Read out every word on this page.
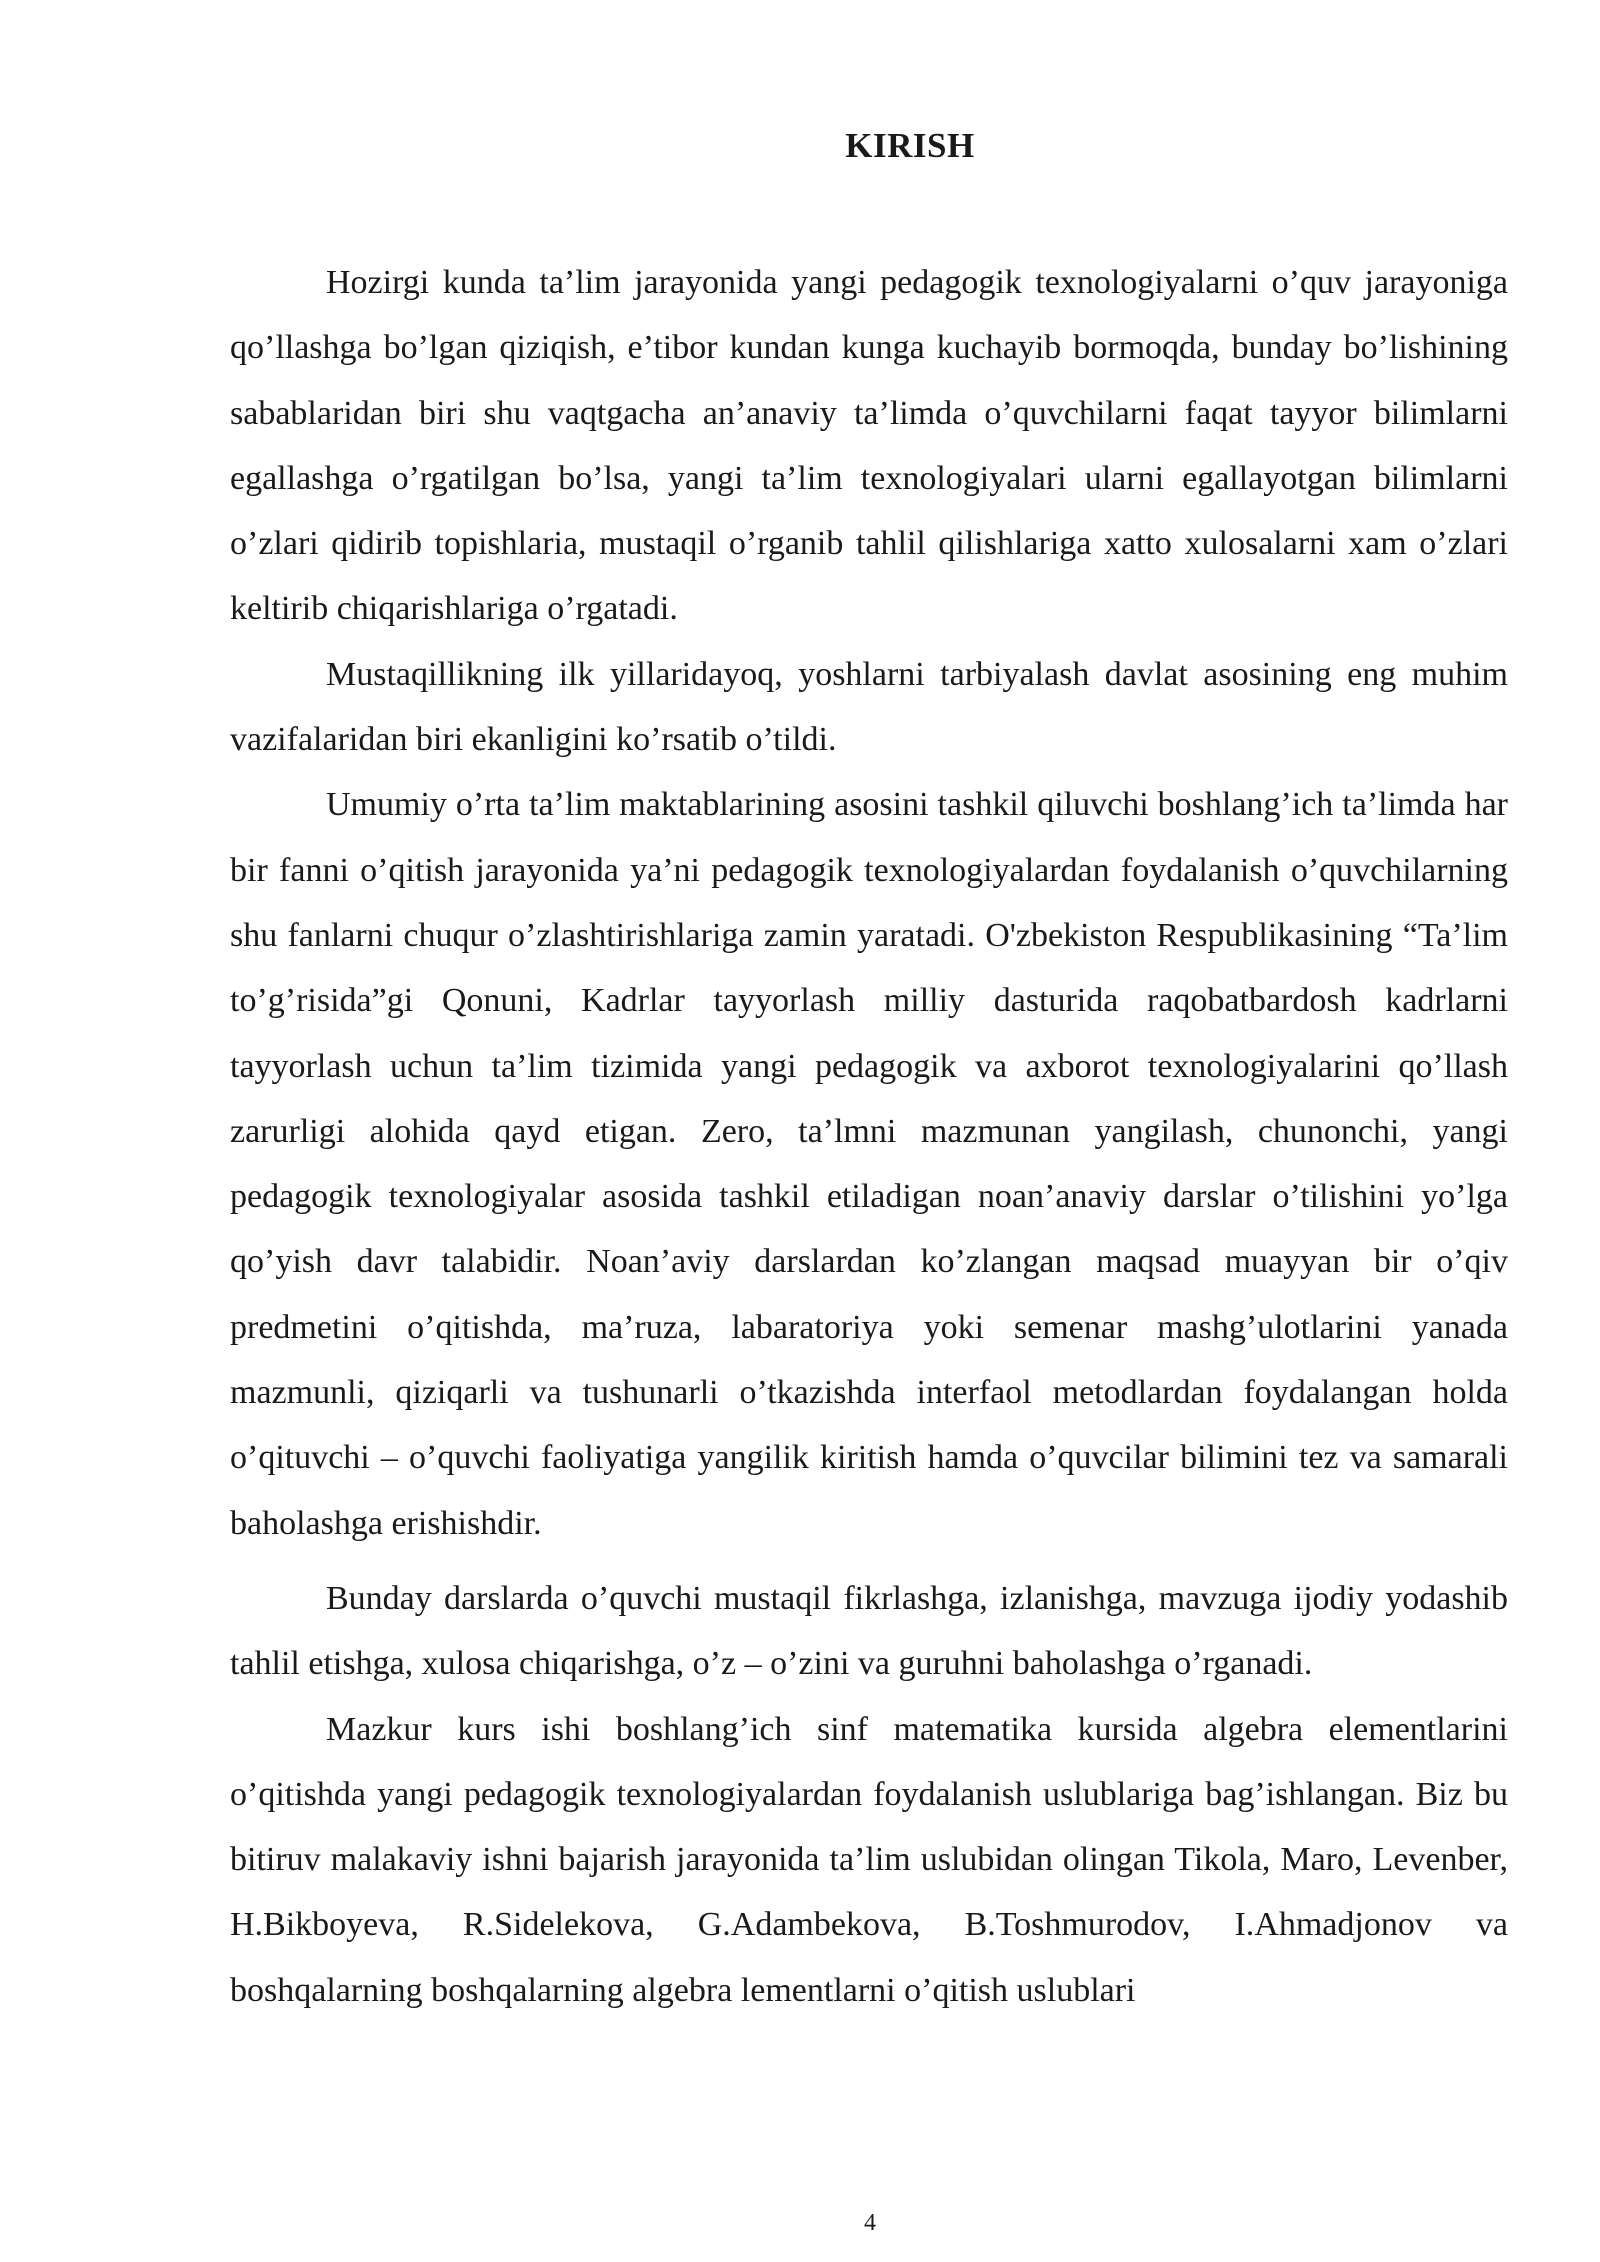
KIRISH

Hozirgi kunda ta’lim jarayonida yangi pedagogik texnologiyalarni o’quv jarayoniga qo’llashga bo’lgan qiziqish, e’tibor kundan kunga kuchayib bormoqda, bunday bo’lishining sabablaridan biri shu vaqtgacha an’anaviy ta’limda o’quvchilarni faqat tayyor bilimlarni egallashga o’rgatilgan bo’lsa, yangi ta’lim texnologiyalari ularni egallayotgan bilimlarni o’zlari qidirib topishlaria, mustaqil o’rganib tahlil qilishlariga xatto xulosalarni xam o’zlari keltirib chiqarishlariga o’rgatadi.

Mustaqillikning ilk yillaridayoq, yoshlarni tarbiyalash davlat asosining eng muhim vazifalaridan biri ekanligini ko’rsatib o’tildi.

Umumiy o’rta ta’lim maktablarining asosini tashkil qiluvchi boshlang’ich ta’limda har bir fanni o’qitish jarayonida ya’ni pedagogik texnologiyalardan foydalanish o’quvchilarning shu fanlarni chuqur o’zlashtirishlariga zamin yaratadi. O'zbekiston Respublikasining “Ta’lim to’g’risida”gi Qonuni, Kadrlar tayyorlash milliy dasturida raqobatbardosh kadrlarni tayyorlash uchun ta’lim tizimida yangi pedagogik va axborot texnologiyalarini qo’llash zarurligi alohida qayd etigan. Zero, ta’lmni mazmunan yangilash, chunonchi, yangi pedagogik texnologiyalar asosida tashkil etiladigan noan’anaviy darslar o’tilishini yo’lga qo’yish davr talabidir. Noan’aviy darslardan ko’zlangan maqsad muayyan bir o’qiv predmetini o’qitishda, ma’ruza, labaratoriya yoki semenar mashg’ulotlarini yanada mazmunli, qiziqarli va tushunarli o’tkazishda interfaol metodlardan foydalangan holda o’qituvchi – o’quvchi faoliyatiga yangilik kiritish hamda o’quvcilar bilimini tez va samarali baholashga erishishdir.

Bunday darslarda o’quvchi mustaqil fikrlashga, izlanishga, mavzuga ijodiy yodashib tahlil etishga, xulosa chiqarishga, o’z – o’zini va guruhni baholashga o’rganadi.

Mazkur kurs ishi boshlang’ich sinf matematika kursida algebra elementlarini o’qitishda yangi pedagogik texnologiyalardan foydalanish uslublariga bag’ishlangan. Biz bu bitiruv malakaviy ishni bajarish jarayonida ta’lim uslubidan olingan Tikola, Maro, Levenber, H.Bikboyeva, R.Sidelekova, G.Adambekova, B.Toshmurodov, I.Ahmadjonov va boshqalarning boshqalarning algebra lementlarni o’qitish uslublari

4
